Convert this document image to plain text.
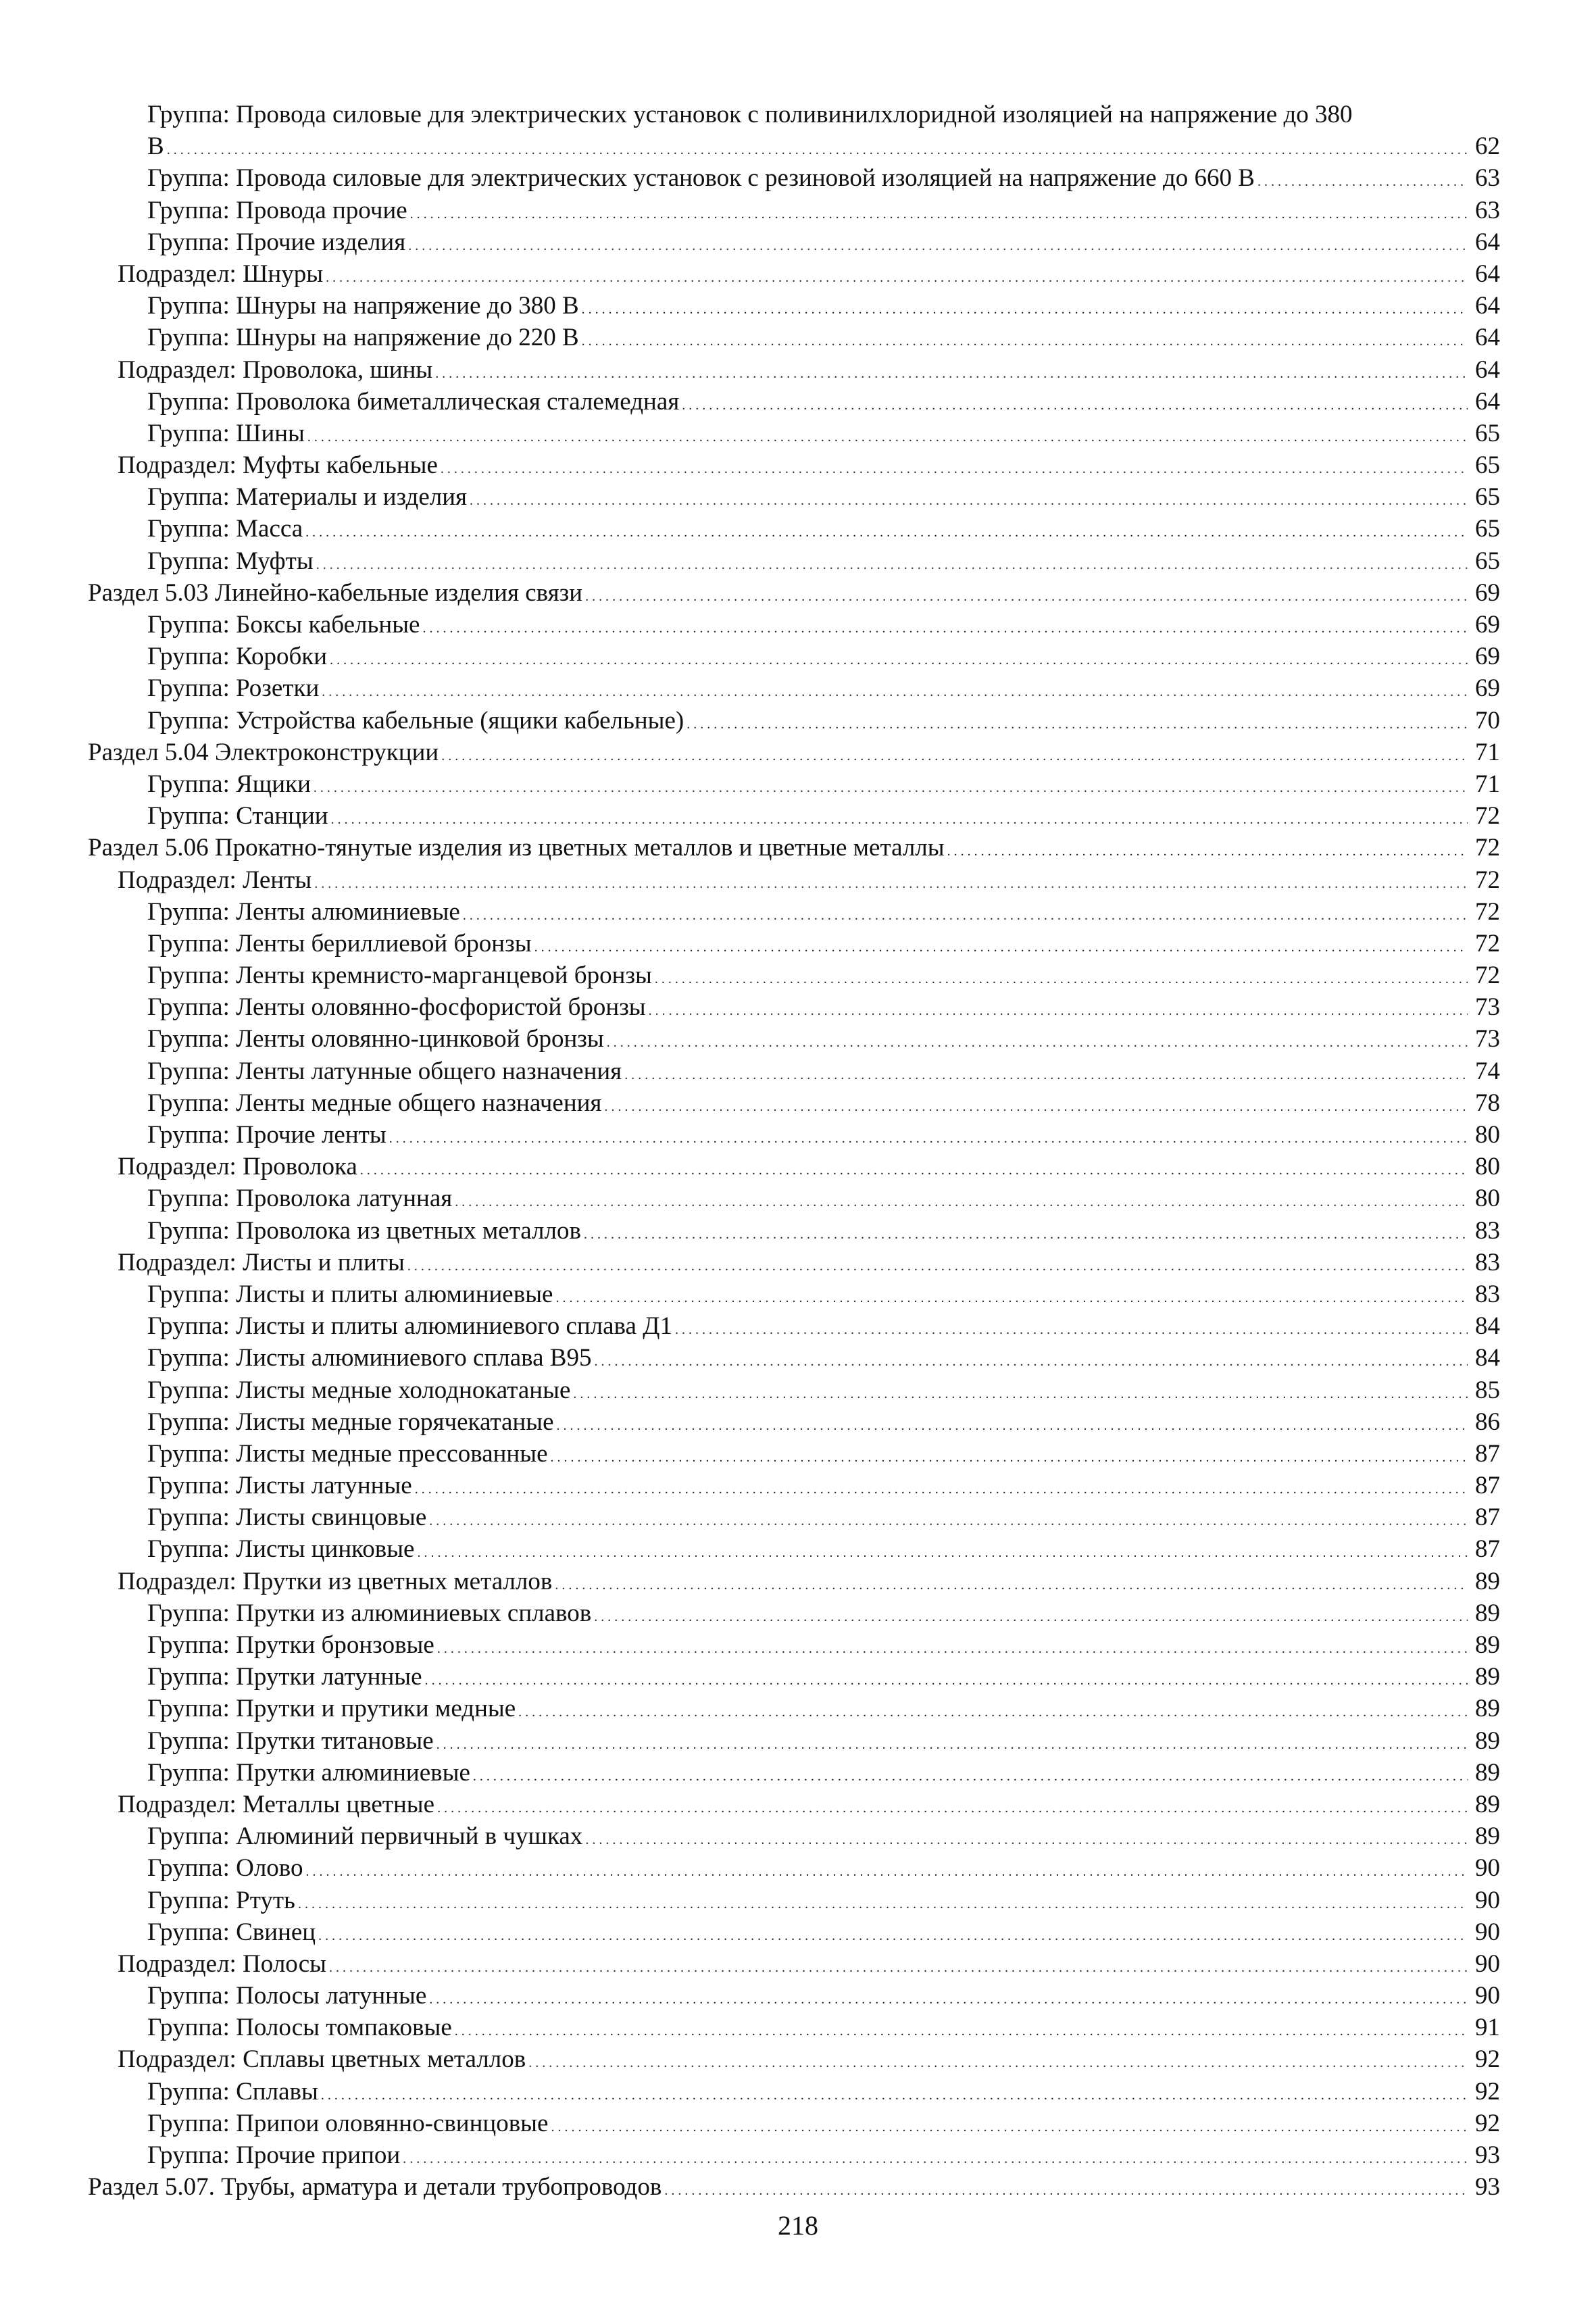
Группа: Провода силовые для электрических установок с поливинилхлоридной изоляцией на напряжение до 380
В . . .	62
Группа: Провода силовые для электрических установок с резиновой изоляцией на напряжение до 660 В . . .	63
Группа: Провода прочие . . .	63
Группа: Прочие изделия . . .	64
Подраздел: Шнуры . . .	64
Группа: Шнуры на напряжение до 380 В . . .	64
Группа: Шнуры на напряжение до 220 В . . .	64
Подраздел: Проволока, шины . . .	64
Группа: Проволока биметаллическая сталемедная . . .	64
Группа: Шины . . .	65
Подраздел: Муфты кабельные . . .	65
Группа: Материалы и изделия . . .	65
Группа: Масса . . .	65
Группа: Муфты . . .	65
Раздел 5.03 Линейно-кабельные изделия связи . . .	69
Группа: Боксы кабельные . . .	69
Группа: Коробки . . .	69
Группа: Розетки . . .	69
Группа: Устройства кабельные (ящики кабельные) . . .	70
Раздел 5.04 Электроконструкции . . .	71
Группа: Ящики . . .	71
Группа: Станции . . .	72
Раздел 5.06 Прокатно-тянутые изделия из цветных металлов и цветные металлы . . .	72
Подраздел: Ленты . . .	72
Группа: Ленты алюминиевые . . .	72
Группа: Ленты бериллиевой бронзы . . .	72
Группа: Ленты кремнисто-марганцевой бронзы . . .	72
Группа: Ленты оловянно-фосфористой бронзы . . .	73
Группа: Ленты оловянно-цинковой бронзы . . .	73
Группа: Ленты латунные общего назначения . . .	74
Группа: Ленты медные общего назначения . . .	78
Группа: Прочие ленты . . .	80
Подраздел: Проволока . . .	80
Группа: Проволока латунная . . .	80
Группа: Проволока из цветных металлов . . .	83
Подраздел: Листы и плиты . . .	83
Группа: Листы и плиты алюминиевые . . .	83
Группа: Листы и плиты алюминиевого сплава Д1 . . .	84
Группа: Листы алюминиевого сплава В95 . . .	84
Группа: Листы медные холоднокатаные . . .	85
Группа: Листы медные горячекатаные . . .	86
Группа: Листы медные прессованные . . .	87
Группа: Листы латунные . . .	87
Группа: Листы свинцовые . . .	87
Группа: Листы цинковые . . .	87
Подраздел: Прутки из цветных металлов . . .	89
Группа: Прутки из алюминиевых сплавов . . .	89
Группа: Прутки бронзовые . . .	89
Группа: Прутки латунные . . .	89
Группа: Прутки и прутики медные . . .	89
Группа: Прутки титановые . . .	89
Группа: Прутки алюминиевые . . .	89
Подраздел: Металлы цветные . . .	89
Группа: Алюминий первичный в чушках . . .	89
Группа: Олово . . .	90
Группа: Ртуть . . .	90
Группа: Свинец . . .	90
Подраздел: Полосы . . .	90
Группа: Полосы латунные . . .	90
Группа: Полосы томпаковые . . .	91
Подраздел: Сплавы цветных металлов . . .	92
Группа: Сплавы . . .	92
Группа: Припои оловянно-свинцовые . . .	92
Группа: Прочие припои . . .	93
Раздел 5.07. Трубы, арматура и детали трубопроводов . . .	93
218
